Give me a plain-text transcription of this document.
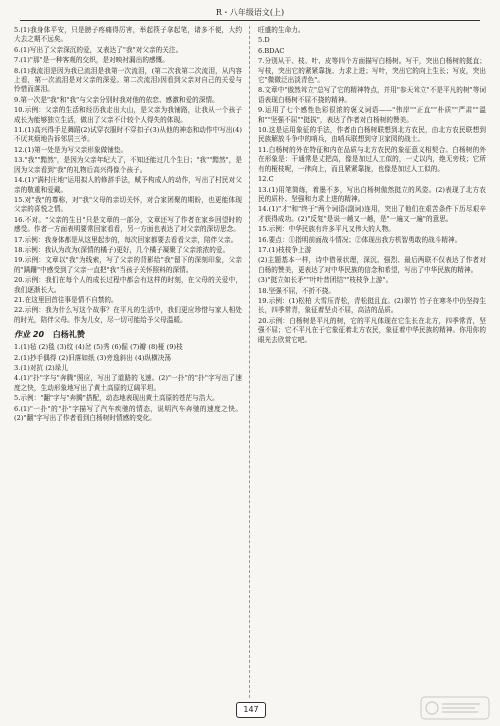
R・八年级语文(上)

5.(1)我身体平安，只是膀子疼痛得厉害，举起筷子拿起笔，诸多不便，大约大去之期不远矣。

6.(1)写出了父亲深沉的爱，又表达了"我"对父亲的关注。

7.(1)"那"是一种客观的交织，是对映衬漏出的感慨。

8.(1)我流泪是因为我已流泪是我第一次流泪，(第二次我第二次流泪，从内容上看，第一次流泪是对父亲的深爱。第二次流泪)因看到父亲对自己的关爱与怜惜而落泪。

9.第一次是"我"和"我"与父亲分别时我对他的依恋、感激和爱的深情。

10.示例：父亲的生活和经历我走出大山，是父亲为我铺路，让我从一个孩子成长为能够独立生活，做出了父亲不计较个人得失的体现。

11.(1)高兴得手足舞蹈(2)试穿衣服时不穿扣子(3)从他的神态和动作中写出(4)不厌其烦地告诉邻居三爷。

12.(1)第一处是为写父亲形象做铺垫。

13."我""黯然"，是因为父亲年纪大了，不知还能过几个生日；"我""黯然"，是因为父亲看到"我"的礼物后高兴得像个孩子。

14.(1)"满村庄地"运用拟人的修辞手法，赋予构成人的动作，写出了村民对父亲的敬重和爱戴。

15.对"我"的尊称，对"我"父母的亲切关怀，对合家团聚的期盼，也更能体现父亲的喜悦之情。

16.不对。"父亲的生日"只是文章的一部分，文章还写了作者在家乡回望时的感受。作者一方面表明要常回家看看，另一方面也表达了对父亲的深切思念。

17.示例：我身体都是从这里起步的，每次回家都要去看看父亲，陪伴父亲。

18.示例：我认为改为(深情的橘子)更好，几个橘子凝聚了父亲浓浓的爱。

19.示例：文章以"我"为线索，写了父亲的背影给"我"留下的深刻印象，父亲的"蹒跚"中感受到了父亲一直把"我"当孩子关怀照料的深情。

20.示例：我们在每个人的成长过程中都会有这样的时刻，在父母的关爱中，我们逐渐长大。

21.在这里回首往事是情不自禁的。

22.示例：我为什么写这个故事？在平凡的生活中，我们更应珍惜与家人相处的时光，陪伴父母。作为儿女，尽一切可能给予父母温暖。

作业 20 白杨礼赞

1.(1)毡 (2)毯 (3)纹 (4)岔 (5)秀 (6)倔 (7)瓣 (8)桠 (9)枝

2.(1)抄手偶得 (2)旧落如纸 (3)旁逸斜出 (4)纵横决荡

3.(1)对抗 (2)垛儿

4.(1)"扑"字与"奔腾"照应，写出了道路的飞速。(2)"一扑"的"扑"字写出了速度之快，生动形象地写出了黄土高原的辽阔平坦。

5.示例："翻"字与"奔腾"搭配，动态地表现出黄土高原的苍茫与浩大。

6.(1)"一扑"的"扑"字描写了汽车疾驰的情态，说明汽车奔驰的速度之快。(2)"翻"字写出了作者看到白杨树时情感的变化。

旺盛的生命力。

5.D

6.BDAC

7.分别从干、枝、叶、皮等四个方面描写白杨树。写干，突出白杨树的挺直；写枝，突出它的紧紧靠拢、力求上进；写叶，突出它的向上生长；写皮，突出它"微微泛出淡青色"。

8.文章中"傲然耸立"总写了它的精神特点，并用"参天耸立"不是平凡的树"等词语表现白杨树不屈不挠的精神。

9.运用了七个感性色彩很浓的褒义词语——"伟岸""正直""朴质""严肃""温和""坚强不屈""挺拔"，表达了作者对白杨树的赞美。

10.这是运用象征的手法，作者由白杨树联想到北方农民，由北方农民联想到民族解放斗争中的哨兵，由哨兵联想到守卫家园的战士。

11.白杨树的外在特征和内在品质与北方农民的象征意义相契合。白杨树的外在形象是：干通常是丈把高，像是加过人工似的，一丈以内，绝无旁枝；它所有的桠枝呢，一律向上，而且紧紧靠拢，也像是加过人工似的。

12.C

13.(1)用笔简练，着墨不多，写出白杨树傲然挺立的风姿。(2)表现了北方农民的质朴、坚强和力求上进的精神。

14.(1)"才"和"终于"两个词语(副词)连用，突出了他们在艰苦条件下历尽艰辛才获得成功。(2)"反复"是说一趟又一趟，是"一遍又一遍"的意思。

15.示例：中华民族有许多平凡又伟大的人物。

16.要点：①指明前面战斗情况；②体现出我方机智勇敢的战斗精神。

17.(1)枝枝争上游

(2)主题基本一样，诗中借景状理，深沉、强烈、最后两联不仅表达了作者对白杨的赞美，更表达了对中华民族的信念和希望，写出了中华民族的精神。

(3)"挺立如长矛""叶叶昔团结""枝枝争上游"。

18.坚强不屈，不折不挠。

19.示例：(1)松柏 大雪压青松，青松挺且直。(2)翠竹 竹子在寒冬中仍坚持生长，四季常青，象征着坚贞不屈，高洁的品质。

20.示例：白杨树是平凡的树，它的平凡体现在它生长在北方，四季常青，坚强不屈；它不平凡在于它象征着北方农民，象征着中华民族的精神。你用你的眼光去欣赏它吧。

147
